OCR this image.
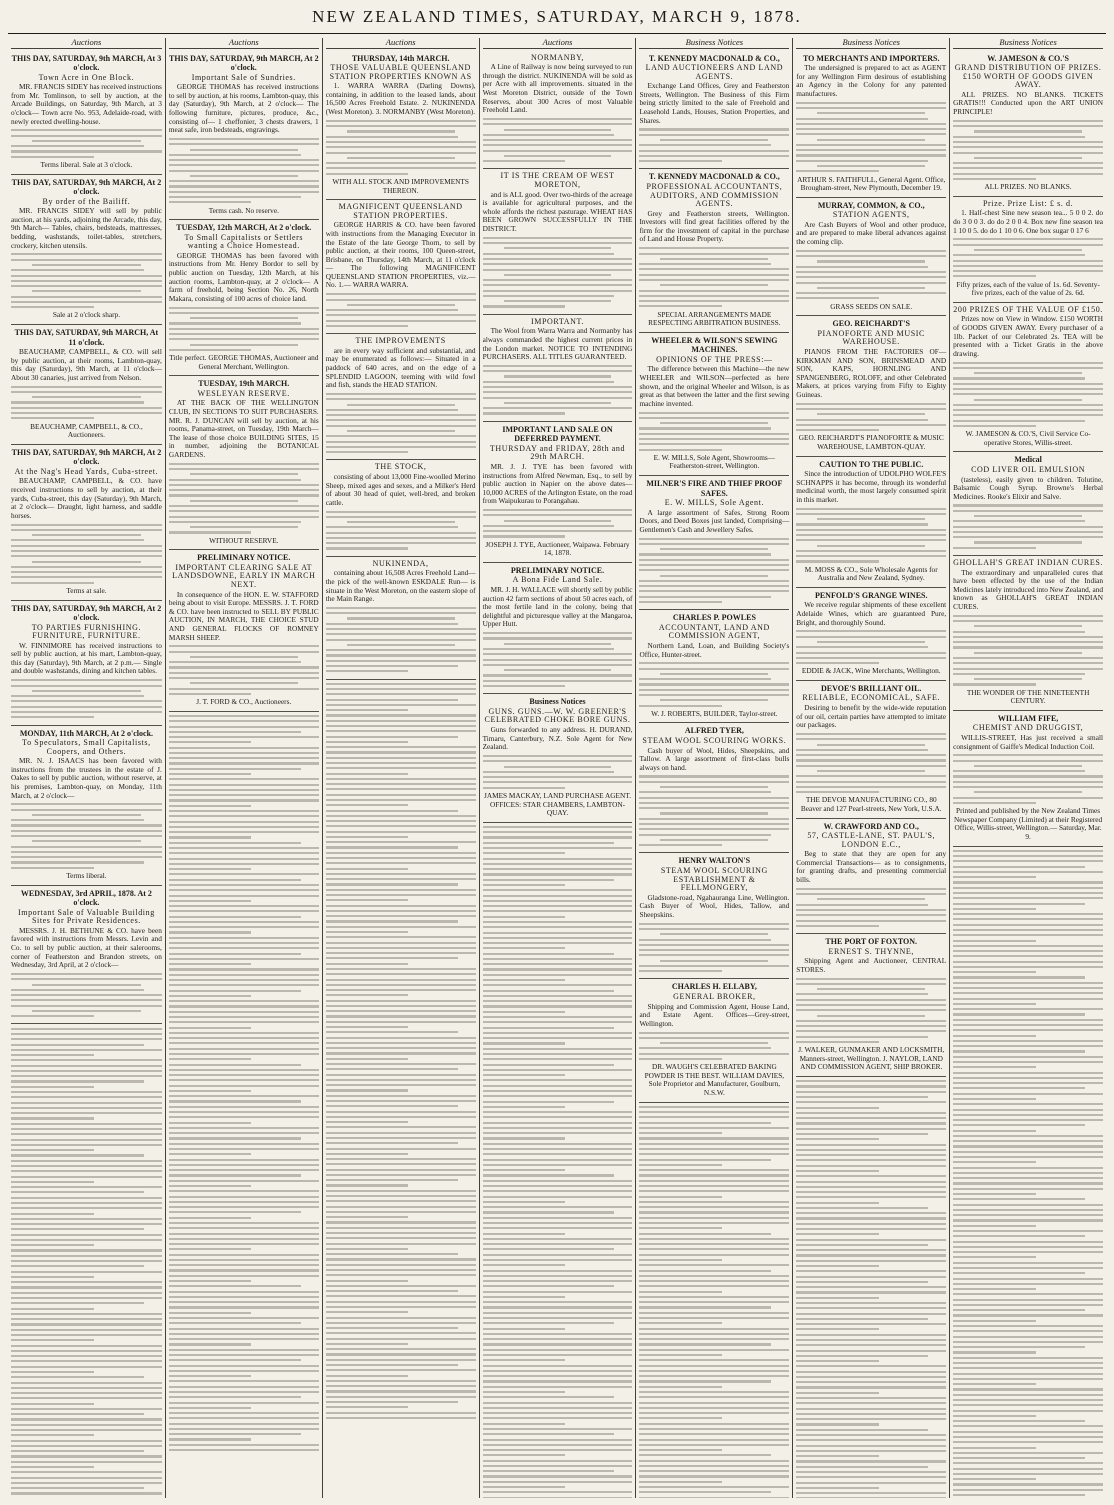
NEW ZEALAND TIMES, SATURDAY, MARCH 9, 1878.
Auctions
THIS DAY, SATURDAY, 9th MARCH, At 3 o'clock.
Town Acre in One Block.

MR. FRANCIS SIDEY has received instructions from Mr. Tomlinson, to sell by auction, at the Arcade Buildings, on Saturday, 9th March, at 3 o'clock— Town acre No. 953, Adelaide-road, with newly erected dwelling-house.

Terms liberal. Sale at 3 o'clock.

THIS DAY, SATURDAY, 9th MARCH, At 2 o'clock.
By order of the Bailiff.

MR. FRANCIS SIDEY will sell by public auction, at his yards, adjoining the Arcade, this day, 9th March— Tables, chairs, bedsteads, mattresses, bedding, washstands, toilet-tables, stretchers, crockery, kitchen utensils.

Sale at 2 o'clock sharp.

THIS DAY, SATURDAY, 9th MARCH, At 11 o'clock.

BEAUCHAMP, CAMPBELL, & CO. will sell by public auction, at their rooms, Lambton-quay, this day (Saturday), 9th March, at 11 o'clock— About 30 canaries, just arrived from Nelson.

BEAUCHAMP, CAMPBELL, & CO., Auctioneers.

THIS DAY, SATURDAY, 9th MARCH, At 2 o'clock.
At the Nag's Head Yards, Cuba-street.

BEAUCHAMP, CAMPBELL, & CO. have received instructions to sell by auction, at their yards, Cuba-street, this day (Saturday), 9th March, at 2 o'clock— Draught, light harness, and saddle horses.

Terms at sale.

THIS DAY, SATURDAY, 9th MARCH, At 2 o'clock.
TO PARTIES FURNISHING. FURNITURE, FURNITURE.

W. FINNIMORE has received instructions to sell by public auction, at his mart, Lambton-quay, this day (Saturday), 9th March, at 2 p.m.— Single and double washstands, dining and kitchen tables.

MONDAY, 11th MARCH, At 2 o'clock.
To Speculators, Small Capitalists, Coopers, and Others.

MR. N. J. ISAACS has been favored with instructions from the trustees in the estate of J. Oakes to sell by public auction, without reserve, at his premises, Lambton-quay, on Monday, 11th March, at 2 o'clock—

Terms liberal.

WEDNESDAY, 3rd APRIL, 1878. At 2 o'clock.
Important Sale of Valuable Building Sites for Private Residences.

MESSRS. J. H. BETHUNE & CO. have been favored with instructions from Messrs. Levin and Co. to sell by public auction, at their salerooms, corner of Featherston and Brandon streets, on Wednesday, 3rd April, at 2 o'clock—

Auctions
THIS DAY, SATURDAY, 9th MARCH, At 2 o'clock.
Important Sale of Sundries.

GEORGE THOMAS has received instructions to sell by auction, at his rooms, Lambton-quay, this day (Saturday), 9th March, at 2 o'clock— The following furniture, pictures, produce, &c., consisting of— 1 cheffonier, 3 chests drawers, 1 meat safe, iron bedsteads, engravings.

Terms cash. No reserve.

TUESDAY, 12th MARCH, At 2 o'clock.
To Small Capitalists or Settlers wanting a Choice Homestead.

GEORGE THOMAS has been favored with instructions from Mr. Henry Bordor to sell by public auction on Tuesday, 12th March, at his auction rooms, Lambton-quay, at 2 o'clock— A farm of freehold, being Section No. 26, North Makara, consisting of 100 acres of choice land.

Title perfect. GEORGE THOMAS, Auctioneer and General Merchant, Wellington.

TUESDAY, 19th MARCH.
WESLEYAN RESERVE.

AT THE BACK OF THE WELLINGTON CLUB, IN SECTIONS TO SUIT PURCHASERS. MR. R. J. DUNCAN will sell by auction, at his rooms, Panama-street, on Tuesday, 19th March— The lease of those choice BUILDING SITES, 15 in number, adjoining the BOTANICAL GARDENS.

WITHOUT RESERVE.

PRELIMINARY NOTICE.
IMPORTANT CLEARING SALE AT LANDSDOWNE, EARLY IN MARCH NEXT.

In consequence of the HON. E. W. STAFFORD being about to visit Europe. MESSRS. J. T. FORD & CO. have been instructed to SELL BY PUBLIC AUCTION, IN MARCH, THE CHOICE STUD AND GENERAL FLOCKS OF ROMNEY MARSH SHEEP.

J. T. FORD & CO., Auctioneers.

Auctions
THURSDAY, 14th MARCH.
THOSE VALUABLE QUEENSLAND STATION PROPERTIES KNOWN AS

1. WARRA WARRA (Darling Downs), containing, in addition to the leased lands, about 16,500 Acres Freehold Estate. 2. NUKINENDA (West Moreton). 3. NORMANBY (West Moreton).

WITH ALL STOCK AND IMPROVEMENTS THEREON.

MAGNIFICENT QUEENSLAND STATION PROPERTIES.

GEORGE HARRIS & CO. have been favored with instructions from the Managing Executor in the Estate of the late George Thorn, to sell by public auction, at their rooms, 100 Queen-street, Brisbane, on Thursday, 14th March, at 11 o'clock— The following MAGNIFICENT QUEENSLAND STATION PROPERTIES, viz.— No. 1.— WARRA WARRA.

THE IMPROVEMENTS

are in every way sufficient and substantial, and may be enumerated as follows:— Situated in a paddock of 640 acres, and on the edge of a SPLENDID LAGOON, teeming with wild fowl and fish, stands the HEAD STATION.

THE STOCK,

consisting of about 13,000 Fine-woolled Merino Sheep, mixed ages and sexes, and a Milker's Herd of about 30 head of quiet, well-bred, and broken cattle.

NUKINENDA,

containing about 16,508 Acres Freehold Land— the pick of the well-known ESKDALE Run— is situate in the West Moreton, on the eastern slope of the Main Range.

Auctions
NORMANBY,

A Line of Railway is now being surveyed to run through the district. NUKINENDA will be sold as per Acre with all improvements. situated in the West Moreton District, outside of the Town Reserves, about 300 Acres of most Valuable Freehold Land.

IT IS THE CREAM OF WEST MORETON,

and is ALL good. Over two-thirds of the acreage is available for agricultural purposes, and the whole affords the richest pasturage. WHEAT HAS BEEN GROWN SUCCESSFULLY IN THE DISTRICT.

IMPORTANT.

The Wool from Warra Warra and Normanby has always commanded the highest current prices in the London market. NOTICE TO INTENDING PURCHASERS. ALL TITLES GUARANTEED.

IMPORTANT LAND SALE ON DEFERRED PAYMENT.
THURSDAY and FRIDAY, 28th and 29th MARCH.

MR. J. J. TYE has been favored with instructions from Alfred Newman, Esq., to sell by public auction in Napier on the above dates— 10,000 ACRES of the Arlington Estate, on the road from Waipukurau to Porangahau.

JOSEPH J. TYE, Auctioneer, Waipawa. February 14, 1878.

PRELIMINARY NOTICE.
A Bona Fide Land Sale.

MR. J. H. WALLACE will shortly sell by public auction 42 farm sections of about 50 acres each, of the most fertile land in the colony, being that delightful and picturesque valley at the Mangaroa, Upper Hutt.

Business Notices
GUNS. GUNS.—W. W. GREENER'S CELEBRATED CHOKE BORE GUNS.

Guns forwarded to any address. H. DURAND, Timaru, Canterbury, N.Z. Sole Agent for New Zealand.

JAMES MACKAY, LAND PURCHASE AGENT. OFFICES: STAR CHAMBERS, LAMBTON-QUAY.

Business Notices
T. KENNEDY MACDONALD & CO.,
LAND AUCTIONEERS AND LAND AGENTS.

Exchange Land Offices, Grey and Featherston Streets, Wellington. The Business of this Firm being strictly limited to the sale of Freehold and Leasehold Lands, Houses, Station Properties, and Shares.

T. KENNEDY MACDONALD & CO.,
PROFESSIONAL ACCOUNTANTS, AUDITORS, AND COMMISSION AGENTS.

Grey and Featherston streets, Wellington. Investors will find great facilities offered by the firm for the investment of capital in the purchase of Land and House Property.

SPECIAL ARRANGEMENTS MADE RESPECTING ARBITRATION BUSINESS.

WHEELER & WILSON'S SEWING MACHINES.
OPINIONS OF THE PRESS:—

The difference between this Machine—the new WHEELER and WILSON—perfected as here shown, and the original Wheeler and Wilson, is as great as that between the latter and the first sewing machine invented.

E. W. MILLS, Sole Agent, Showrooms—Featherston-street, Wellington.

MILNER'S FIRE AND THIEF PROOF SAFES.
E. W. MILLS, Sole Agent.

A large assortment of Safes, Strong Room Doors, and Deed Boxes just landed, Comprising— Gentlemen's Cash and Jewellery Safes.

CHARLES P. POWLES
ACCOUNTANT, LAND AND COMMISSION AGENT,

Northern Land, Loan, and Building Society's Office, Hunter-street.

W. J. ROBERTS, BUILDER, Taylor-street.

ALFRED TYER,
STEAM WOOL SCOURING WORKS.

Cash buyer of Wool, Hides, Sheepskins, and Tallow. A large assortment of first-class bulls always on hand.

HENRY WALTON'S
STEAM WOOL SCOURING ESTABLISHMENT & FELLMONGERY,

Gladstone-road, Ngahauranga Line, Wellington. Cash Buyer of Wool, Hides, Tallow, and Sheepskins.

CHARLES H. ELLABY,
GENERAL BROKER,

Shipping and Commission Agent, House Land, and Estate Agent. Offices—Grey-street, Wellington.

DR. WAUGH'S CELEBRATED BAKING POWDER IS THE BEST. WILLIAM DAVIES, Sole Proprietor and Manufacturer, Goulburn, N.S.W.

Business Notices
TO MERCHANTS AND IMPORTERS.

The undersigned is prepared to act as AGENT for any Wellington Firm desirous of establishing an Agency in the Colony for any patented manufactures.

ARTHUR S. FAITHFULL, General Agent. Office, Brougham-street, New Plymouth, December 19.

MURRAY, COMMON, & CO.,
STATION AGENTS,

Are Cash Buyers of Wool and other produce, and are prepared to make liberal advances against the coming clip.

GRASS SEEDS ON SALE.

GEO. REICHARDT'S
PIANOFORTE AND MUSIC WAREHOUSE.

PIANOS FROM THE FACTORIES OF— KIRKMAN AND SON, BRINSMEAD AND SON, KAPS, HORNLING AND SPANGENBERG, ROLOFF, and other Celebrated Makers, at prices varying from Fifty to Eighty Guineas.

GEO. REICHARDT'S PIANOFORTE & MUSIC WAREHOUSE, LAMBTON-QUAY.

CAUTION TO THE PUBLIC.

Since the introduction of UDOLPHO WOLFE'S SCHNAPPS it has become, through its wonderful medicinal worth, the most largely consumed spirit in this market.

M. MOSS & CO., Sole Wholesale Agents for Australia and New Zealand, Sydney.

PENFOLD'S GRANGE WINES.

We receive regular shipments of these excellent Adelaide Wines, which are guaranteed Pure, Bright, and thoroughly Sound.

EDDIE & JACK, Wine Merchants, Wellington.

DEVOE'S BRILLIANT OIL.
RELIABLE, ECONOMICAL, SAFE.

Desiring to benefit by the wide-wide reputation of our oil, certain parties have attempted to imitate our packages.

THE DEVOE MANUFACTURING CO., 80 Beaver and 127 Pearl-streets, New York, U.S.A.

W. CRAWFORD AND CO.,
57, CASTLE-LANE, ST. PAUL'S, LONDON E.C.,

Beg to state that they are open for any Commercial Transactions— as to consignments, for granting drafts, and presenting commercial bills.

THE PORT OF FOXTON.
ERNEST S. THYNNE,

Shipping Agent and Auctioneer, CENTRAL STORES.

J. WALKER, GUNMAKER AND LOCKSMITH, Manners-street, Wellington. J. NAYLOR, LAND AND COMMISSION AGENT, SHIP BROKER.

Business Notices
W. JAMESON & CO.'S
GRAND DISTRIBUTION OF PRIZES. £150 WORTH OF GOODS GIVEN AWAY.

ALL PRIZES. NO BLANKS. TICKETS GRATIS!!! Conducted upon the ART UNION PRINCIPLE!

ALL PRIZES. NO BLANKS.

Prize. Prize List: £ s. d.

1. Half-chest Sine new season tea... 5 0 0 2. do do 3 0 0 3. do do 2 0 0 4. Box new fine season tea 1 10 0 5. do do 1 10 0 6. One box sugar 0 17 6

Fifty prizes, each of the value of 1s. 6d. Seventy-five prizes, each of the value of 2s. 6d.

200 PRIZES OF THE VALUE OF £150.

Prizes now on View in Window. £150 WORTH of GOODS GIVEN AWAY. Every purchaser of a 1lb. Packet of our Celebrated 2s. TEA will be presented with a Ticket Gratis in the above drawing.

W. JAMESON & CO.'S, Civil Service Co-operative Stores, Willis-street.

Medical
COD LIVER OIL EMULSION

(tasteless), easily given to children. Tolutine, Balsamic Cough Syrup. Browne's Herbal Medicines. Rooke's Elixir and Salve.

GHOLLAH'S GREAT INDIAN CURES.

The extraordinary and unparalleled cures that have been effected by the use of the Indian Medicines lately introduced into New Zealand, and known as GHOLLAH'S GREAT INDIAN CURES.

THE WONDER OF THE NINETEENTH CENTURY.

WILLIAM FIFE,
CHEMIST AND DRUGGIST,

WILLIS-STREET, Has just received a small consignment of Gaiffe's Medical Induction Coil.

Printed and published by the New Zealand Times Newspaper Company (Limited) at their Registered Office, Willis-street, Wellington.— Saturday, Mar. 9.
